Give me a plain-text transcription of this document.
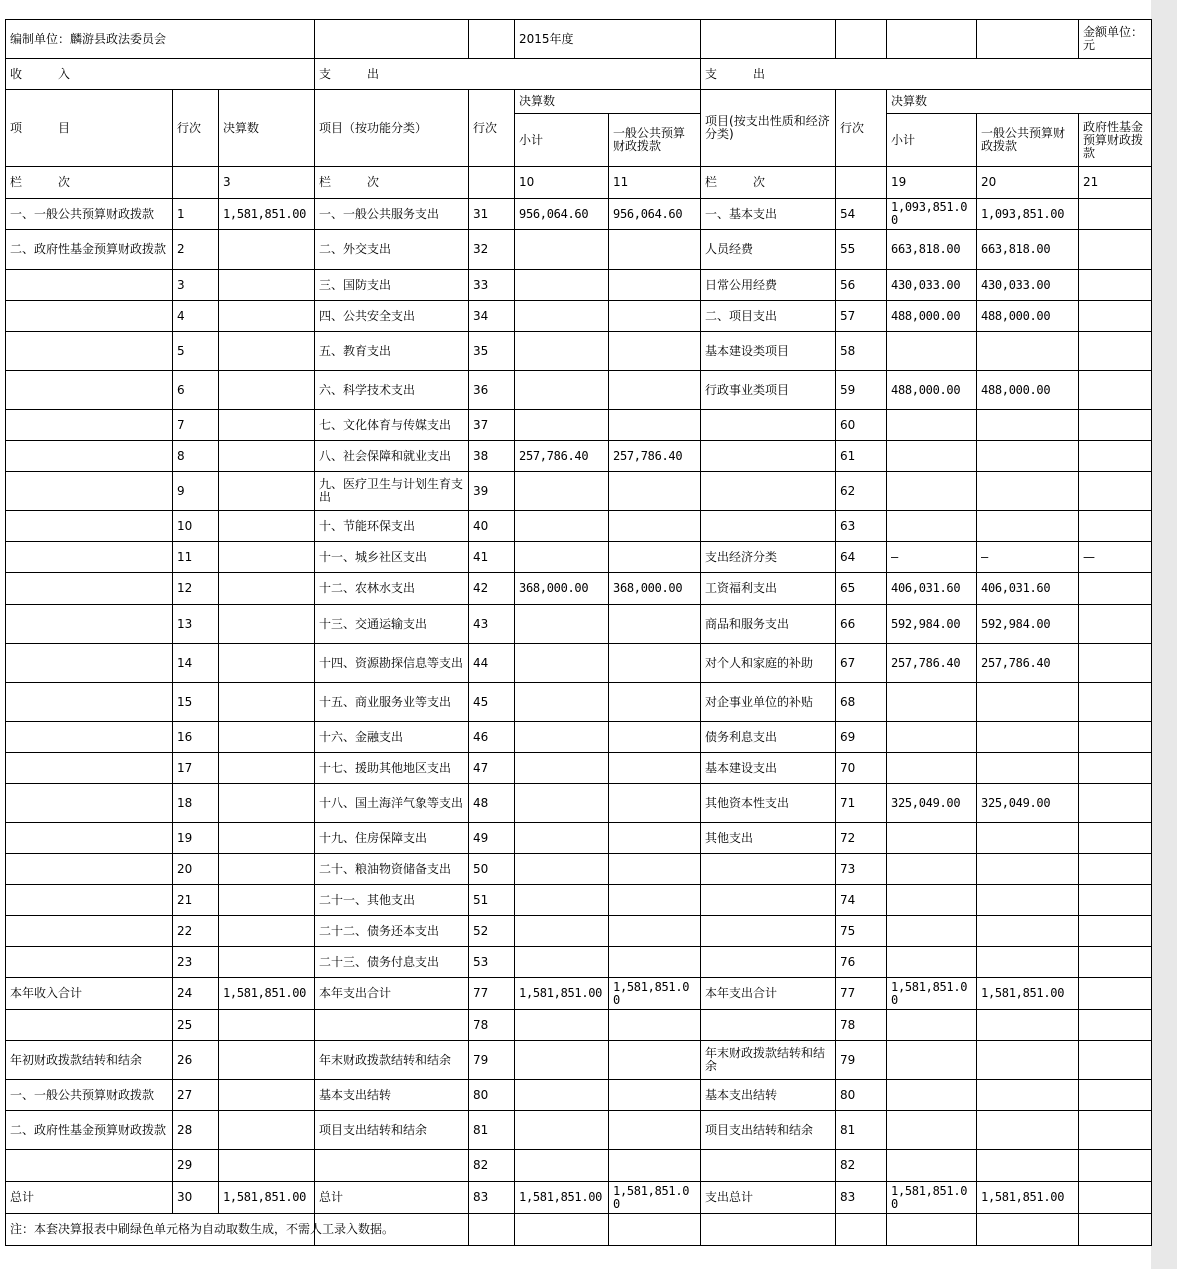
编制单位：麟游县政法委员会					2015年度						金额单位：元
收　　　入			支　　　出				支　　　出				
项　　　目	行次	决算数	项目（按功能分类）	行次	决算数		项目(按支出性质和经济分类)	行次	决算数		
					小计	一般公共预算财政拨款			小计	一般公共预算财政拨款	政府性基金预算财政拨款
栏　　　次		3	栏　　　次		10	11	栏　　　次		19	20	21
一、一般公共预算财政拨款	1	1,581,851.00	一、一般公共服务支出	31	956,064.60	956,064.60	一、基本支出	54	1,093,851.00	1,093,851.00	
二、政府性基金预算财政拨款	2		二、外交支出	32			人员经费	55	663,818.00	663,818.00	
	3		三、国防支出	33			日常公用经费	56	430,033.00	430,033.00	
	4		四、公共安全支出	34			二、项目支出	57	488,000.00	488,000.00	
	5		五、教育支出	35			基本建设类项目	58			
	6		六、科学技术支出	36			行政事业类项目	59	488,000.00	488,000.00	
	7		七、文化体育与传媒支出	37				60			
	8		八、社会保障和就业支出	38	257,786.40	257,786.40		61			
	9		九、医疗卫生与计划生育支出	39				62			
	10		十、节能环保支出	40				63			
	11		十一、城乡社区支出	41			支出经济分类	64	—	—	—
	12		十二、农林水支出	42	368,000.00	368,000.00	工资福利支出	65	406,031.60	406,031.60	
	13		十三、交通运输支出	43			商品和服务支出	66	592,984.00	592,984.00	
	14		十四、资源勘探信息等支出	44			对个人和家庭的补助	67	257,786.40	257,786.40	
	15		十五、商业服务业等支出	45			对企事业单位的补贴	68			
	16		十六、金融支出	46			债务利息支出	69			
	17		十七、援助其他地区支出	47			基本建设支出	70			
	18		十八、国土海洋气象等支出	48			其他资本性支出	71	325,049.00	325,049.00	
	19		十九、住房保障支出	49			其他支出	72			
	20		二十、粮油物资储备支出	50				73			
	21		二十一、其他支出	51				74			
	22		二十二、债务还本支出	52				75			
	23		二十三、债务付息支出	53				76			
本年收入合计	24	1,581,851.00	本年支出合计	77	1,581,851.00	1,581,851.00	本年支出合计	77	1,581,851.00	1,581,851.00	
	25			78				78			
年初财政拨款结转和结余	26		年末财政拨款结转和结余	79			年末财政拨款结转和结余	79			
一、一般公共预算财政拨款	27		基本支出结转	80			基本支出结转	80			
二、政府性基金预算财政拨款	28		项目支出结转和结余	81			项目支出结转和结余	81			
	29			82				82			
总计	30	1,581,851.00	总计	83	1,581,851.00	1,581,851.00	支出总计	83	1,581,851.00	1,581,851.00	
注：本套决算报表中刷绿色单元格为自动取数生成，不需人工录入数据。											
